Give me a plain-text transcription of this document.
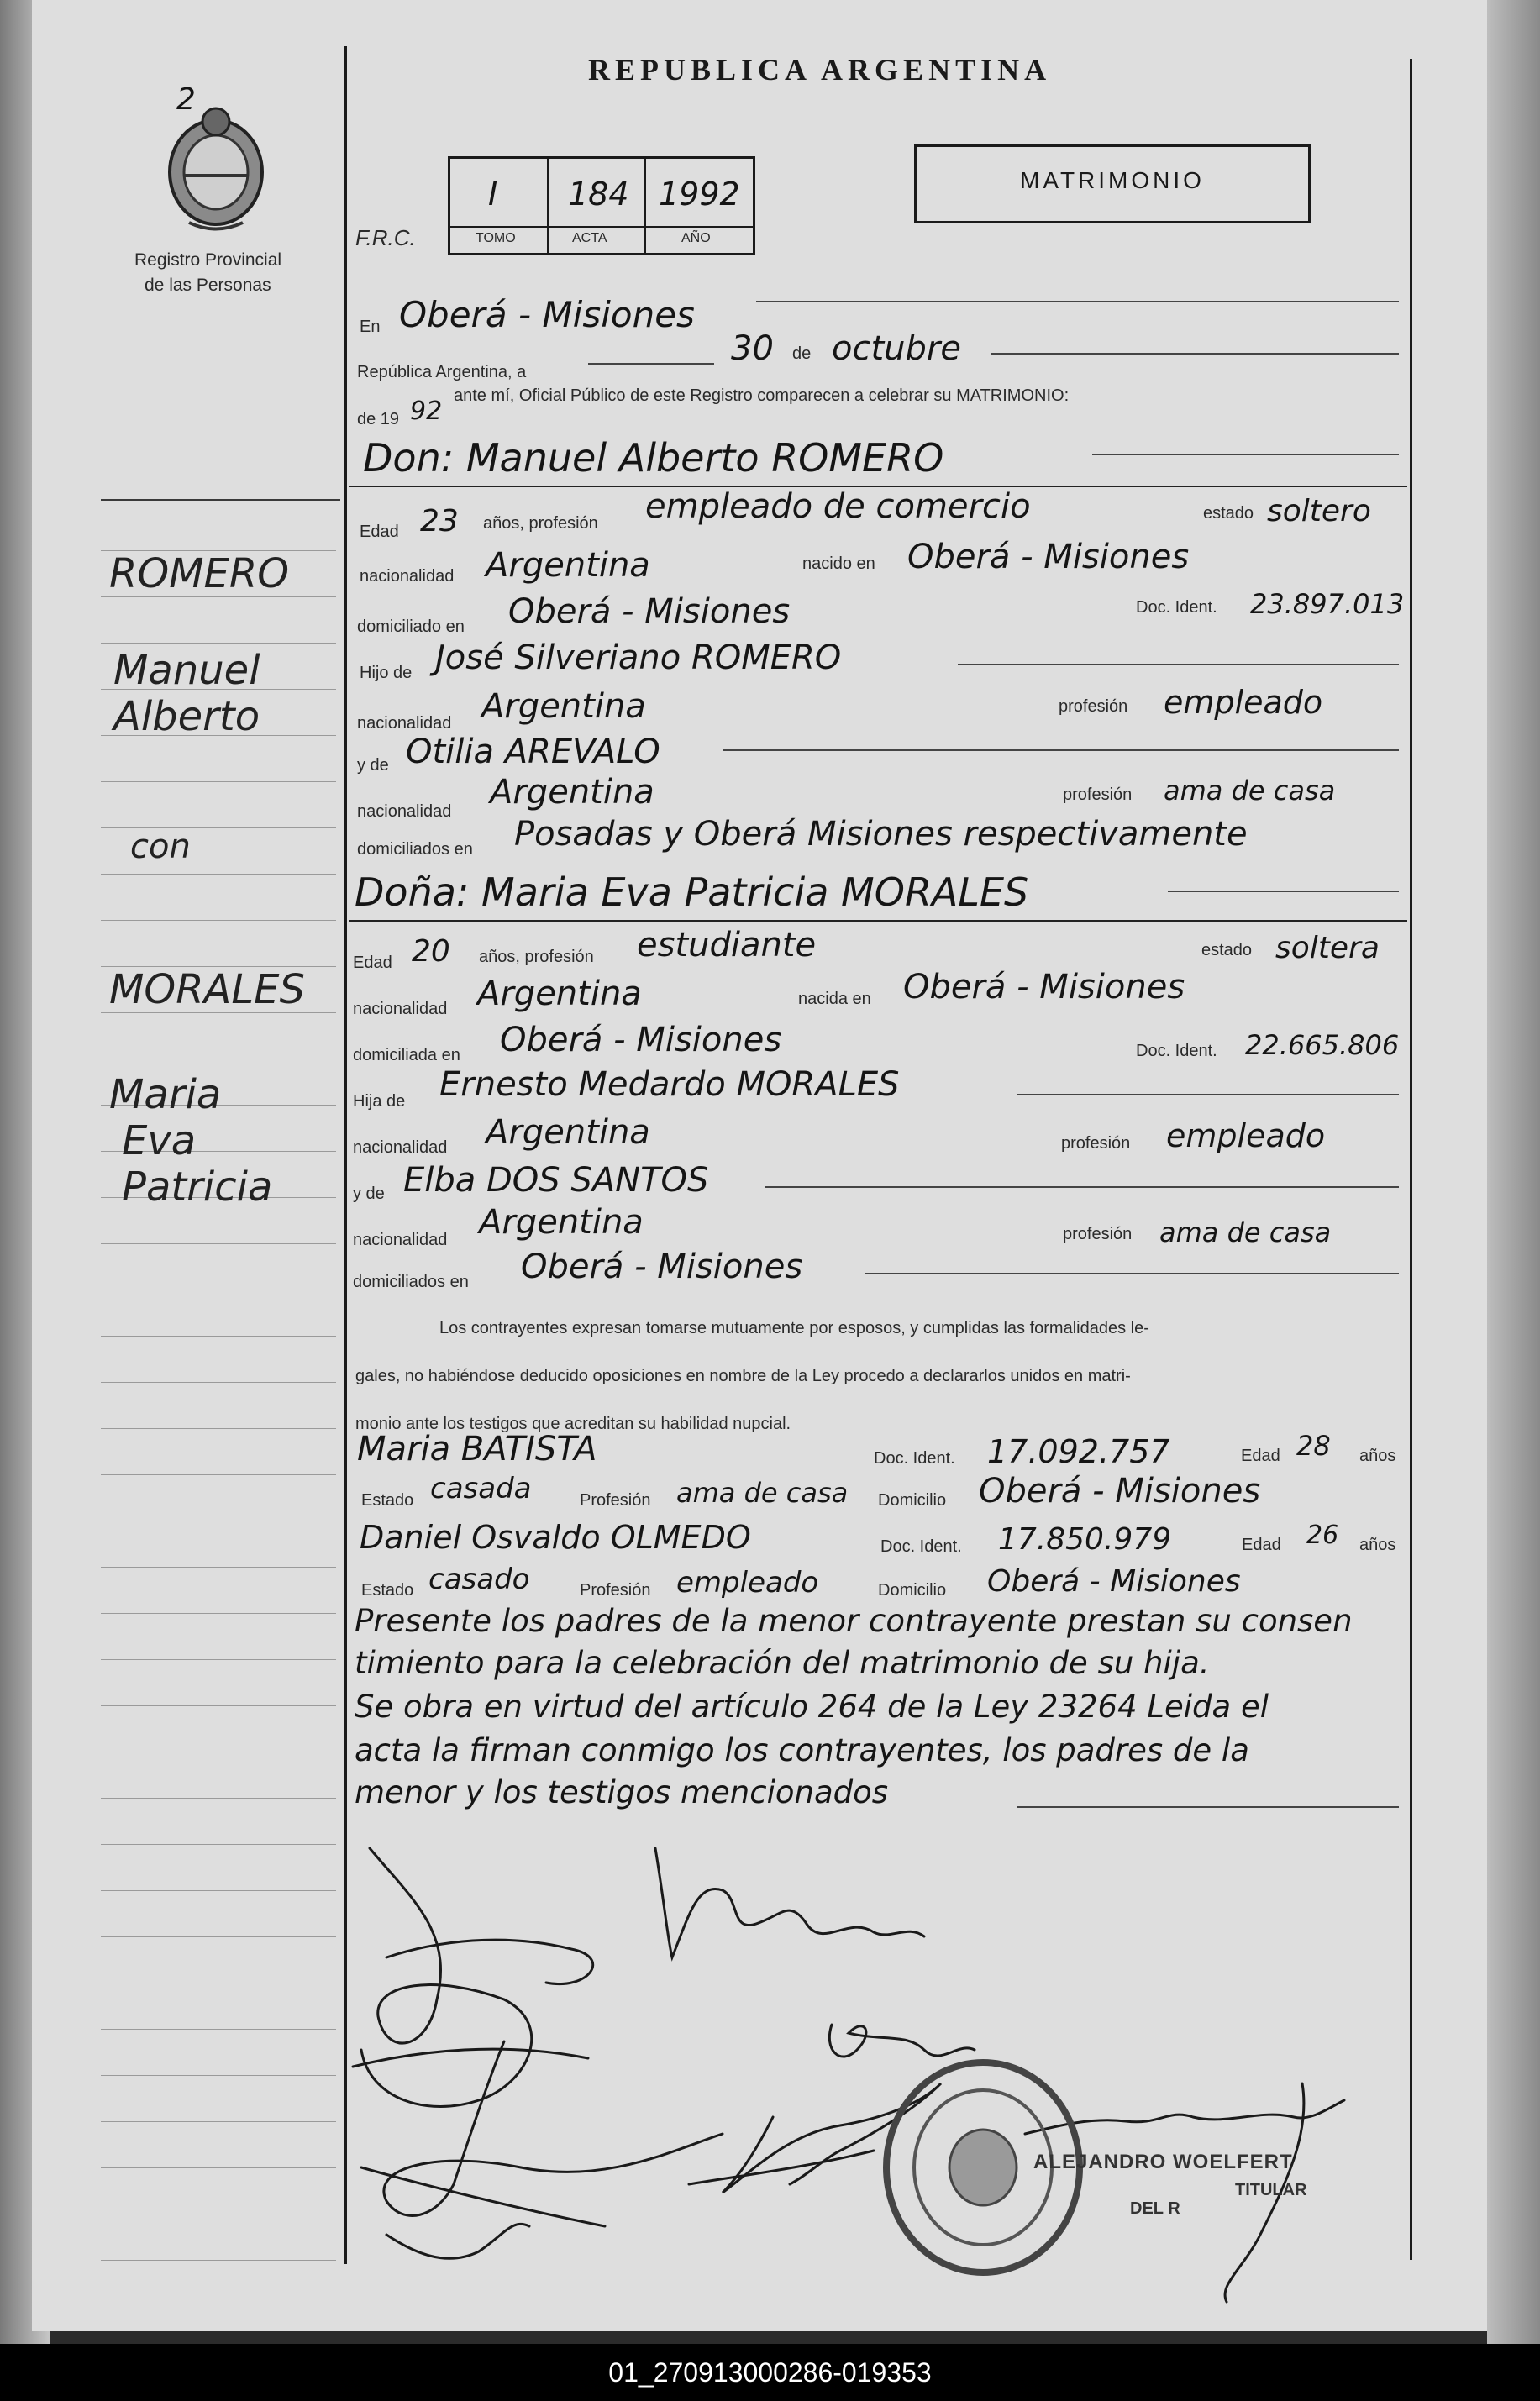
REPUBLICA ARGENTINA
2
Registro Provincial
de las Personas
F.R.C.
I 184 1992
TOMO	ACTA	AÑO
MATRIMONIO
En Oberá - Misiones
República Argentina, a
30 de octubre
de 19 92
ante mí, Oficial Público de este Registro comparecen a celebrar su MATRIMONIO:
Don: Manuel Alberto ROMERO
Edad 23 años, profesión empleado de comercio	estado soltero
nacionalidad Argentina	nacido en Oberá - Misiones
domiciliado en Oberá - Misiones	Doc. Ident. 23.897.013
Hijo de José Silveriano ROMERO
nacionalidad Argentina	profesión empleado
y de Otilia AREVALO
nacionalidad Argentina	profesión ama de casa
domiciliados en Posadas y Oberá Misiones respectivamente
Doña: Maria Eva Patricia MORALES
Edad 20 años, profesión estudiante	estado soltera
nacionalidad Argentina	nacida en Oberá - Misiones
domiciliada en Oberá - Misiones	Doc. Ident. 22.665.806
Hija de Ernesto Medardo MORALES
nacionalidad Argentina	profesión empleado
y de Elba DOS SANTOS
nacionalidad Argentina	profesión ama de casa
domiciliados en Oberá - Misiones
Los contrayentes expresan tomarse mutuamente por esposos, y cumplidas las formalidades le-
gales, no habiéndose deducido oposiciones en nombre de la Ley procedo a declararlos unidos en matri-
monio ante los testigos que acreditan su habilidad nupcial.
Maria BATISTA	Doc. Ident. 17.092.757	Edad 28 años
Estado casada	Profesión ama de casa Domicilio Oberá - Misiones
Daniel Osvaldo OLMEDO	Doc. Ident. 17.850.979	Edad 26 años
Estado casado	Profesión empleado	Domicilio Oberá - Misiones
Presente los padres de la menor contrayente prestan su consen
timiento para la celebración del matrimonio de su hija.
Se obra en virtud del artículo 264 de la Ley 23264 Leida el
acta la firman conmigo los contrayentes, los padres de la
menor y los testigos mencionados
ROMERO
Manuel
Alberto
con
MORALES
Maria
Eva
Patricia
ALEJANDRO WOELFERT
TITULAR
DEL R
01_270913000286-019353
